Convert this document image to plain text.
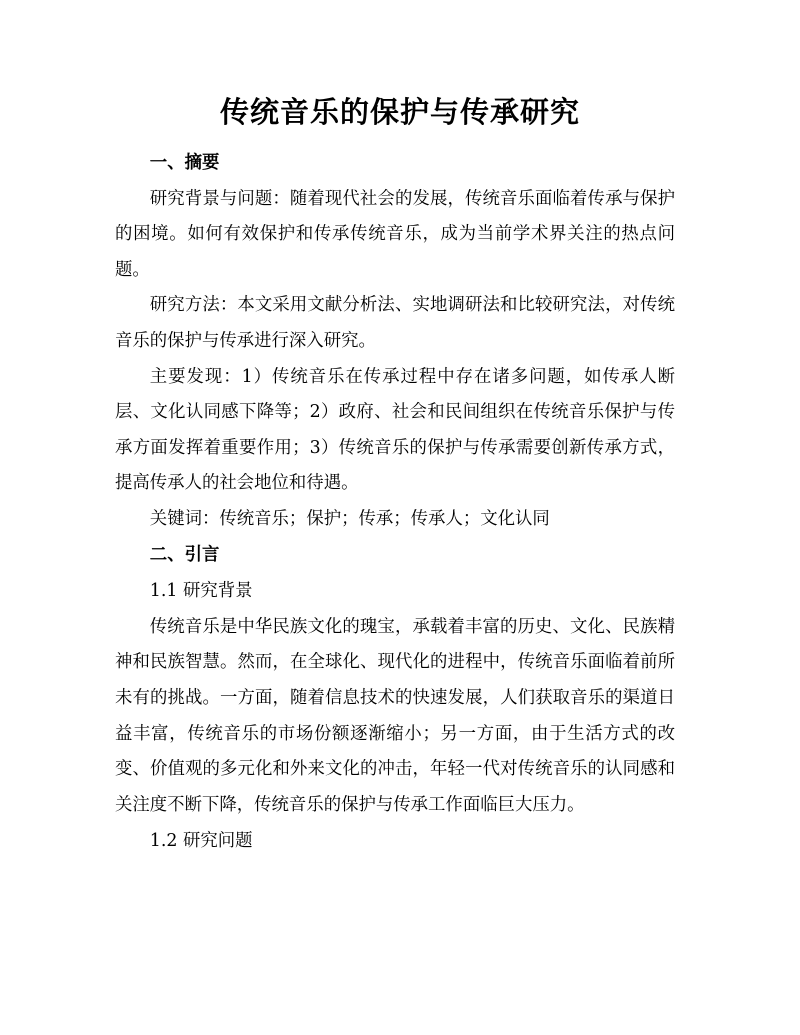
传统音乐的保护与传承研究

一、摘要

研究背景与问题：随着现代社会的发展，传统音乐面临着传承与保护的困境。如何有效保护和传承传统音乐，成为当前学术界关注的热点问题。

研究方法：本文采用文献分析法、实地调研法和比较研究法，对传统音乐的保护与传承进行深入研究。

主要发现：1）传统音乐在传承过程中存在诸多问题，如传承人断层、文化认同感下降等；2）政府、社会和民间组织在传统音乐保护与传承方面发挥着重要作用；3）传统音乐的保护与传承需要创新传承方式，提高传承人的社会地位和待遇。

关键词：传统音乐；保护；传承；传承人；文化认同

二、引言

1.1 研究背景

传统音乐是中华民族文化的瑰宝，承载着丰富的历史、文化、民族精神和民族智慧。然而，在全球化、现代化的进程中，传统音乐面临着前所未有的挑战。一方面，随着信息技术的快速发展，人们获取音乐的渠道日益丰富，传统音乐的市场份额逐渐缩小；另一方面，由于生活方式的改变、价值观的多元化和外来文化的冲击，年轻一代对传统音乐的认同感和关注度不断下降，传统音乐的保护与传承工作面临巨大压力。

1.2 研究问题
